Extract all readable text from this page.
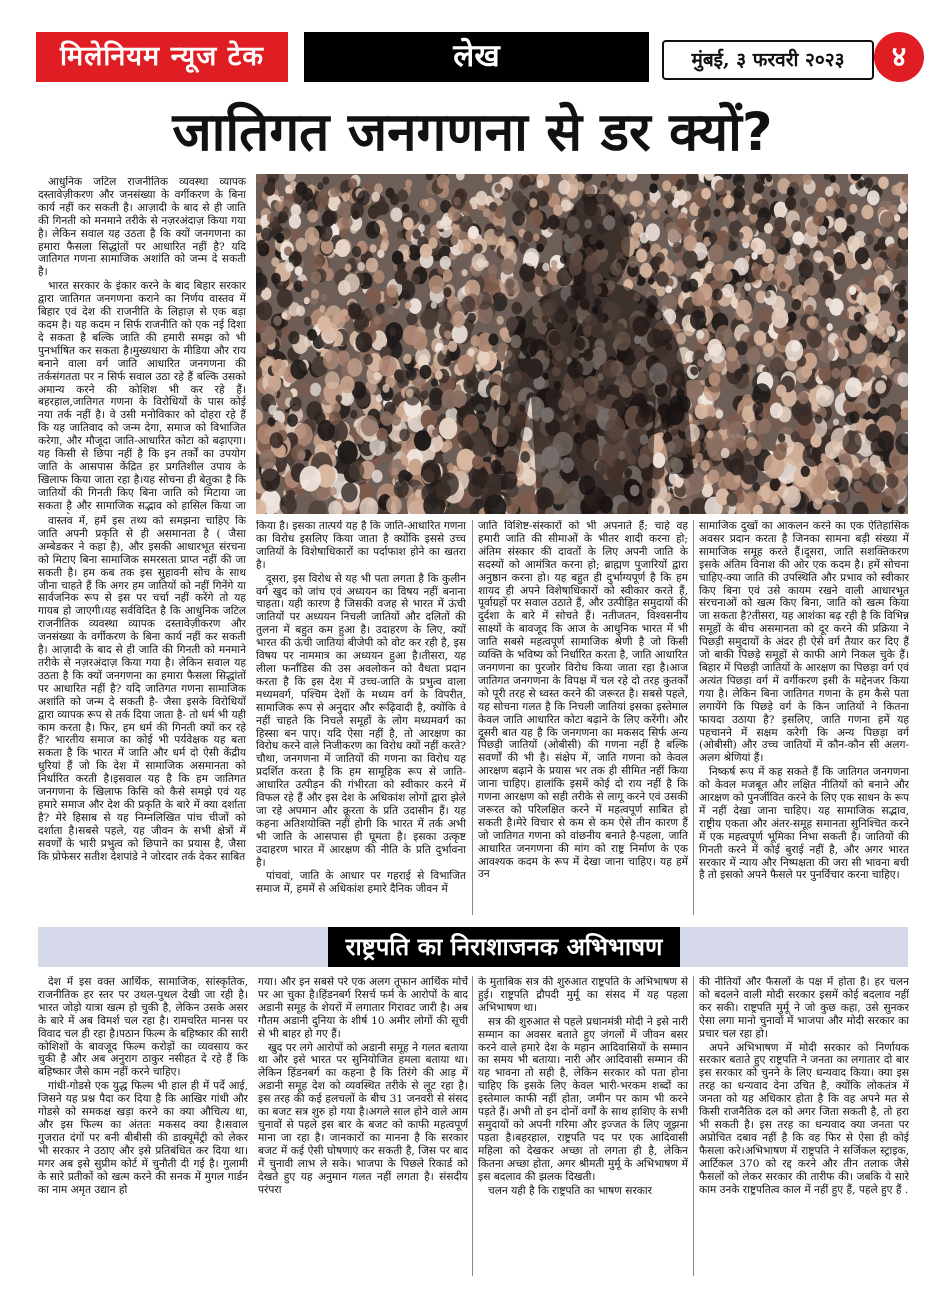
मिलेनियम न्यूज टेक	लेख	मुंबई, ३ फरवरी २०२३	४
जातिगत जनगणना से डर क्यों?

आधुनिक जटिल राजनीतिक व्यवस्था व्यापक दस्तावेज़ीकरण और जनसंख्या के वर्गीकरण के बिना कार्य नहीं कर सकती है। आज़ादी के बाद से ही जाति की गिनती को मनमाने तरीके से नज़रअंदाज़ किया गया है। लेकिन सवाल यह उठता है कि क्यों जनगणना का हमारा फैसला सिद्धांतों पर आधारित नहीं है? यदि जातिगत गणना सामाजिक अशांति को जन्म दे सकती है।

भारत सरकार के इंकार करने के बाद बिहार सरकार द्वारा जातिगत जनगणना कराने का निर्णय वास्तव में बिहार एवं देश की राजनीति के लिहाज़ से एक बड़ा कदम है। यह कदम न सिर्फ राजनीति को एक नई दिशा दे सकता है बल्कि जाति की हमारी समझ को भी पुनर्भाषित कर सकता है।मुख्यधारा के मीडिया और राय बनाने वाला वर्ग जाति आधारित जनगणना की तर्कसंगतता पर न सिर्फ सवाल उठा रहे हैं बल्कि उसको अमान्य करने की कोशिश भी कर रहे हैं। बहरहाल,जातिगत गणना के विरोधियों के पास कोई नया तर्क नहीं है। वे उसी मनोविकार को दोहरा रहे हैं कि यह जातिवाद को जन्म देगा, समाज को विभाजित करेगा, और मौजूदा जाति-आधारित कोटा को बढ़ाएगा। यह किसी से छिपा नहीं है कि इन तर्कों का उपयोग जाति के आसपास केंद्रित हर प्रगतिशील उपाय के खिलाफ किया जाता रहा है।यह सोचना ही बेतुका है कि जातियों की गिनती किए बिना जाति को मिटाया जा सकता है और सामाजिक सद्भाव को हासिल किया जा

वास्तव में, हमें इस तथ्य को समझना चाहिए कि जाति अपनी प्रकृति से ही असमानता है ( जैसा अम्बेडकर ने कहा है), और इसकी आधारभूत संरचना को मिटाए बिना सामाजिक समरसता प्राप्त नहीं की जा सकती है। हम कब तक इस सुहावनी सोच के साथ जीना चाहते हैं कि अगर हम जातियों को नहीं गिनेंगे या सार्वजनिक रूप से इस पर चर्चा नहीं करेंगे तो यह गायब हो जाएगी।यह सर्वविदित है कि आधुनिक जटिल राजनीतिक व्यवस्था व्यापक दस्तावेज़ीकरण और जनसंख्या के वर्गीकरण के बिना कार्य नहीं कर सकती है। आज़ादी के बाद से ही जाति की गिनती को मनमाने तरीके से नज़रअंदाज़ किया गया है। लेकिन सवाल यह उठता है कि क्यों जनगणना का हमारा फैसला सिद्धांतों पर आधारित नहीं है? यदि जातिगत गणना सामाजिक अशांति को जन्म दे सकती है- जैसा इसके विरोधियों द्वारा व्यापक रूप से तर्क दिया जाता है- तो धर्म भी यही काम करता है। फिर, हम धर्म की गिनती क्यों कर रहे हैं? भारतीय समाज का कोई भी पर्यवेक्षक यह बता सकता है कि भारत में जाति और धर्म दो ऐसी केंद्रीय धुरियां हैं जो कि देश में सामाजिक असमानता को निर्धारित करती है।इसवाल यह है कि हम जातिगत जनगणना के खिलाफ किसि को कैसे समझे एवं यह हमारे समाज और देश की प्रकृति के बारे में क्या दर्शाता है? मेरे हिसाब से यह निम्नलिखित पांच चीजों को दर्शाता है।सबसे पहले, यह जीवन के सभी क्षेत्रों में सवर्णों के भारी प्रभुत्व को छिपाने का प्रयास है, जैसा कि प्रोफेसर सतीश देशपांडे ने जोरदार तर्क देकर साबित

किया है। इसका तात्पर्य यह है कि जाति-आधारित गणना का विरोध इसलिए किया जाता है क्योंकि इससे उच्च जातियों के विशेषाधिकारों का पर्दाफाश होने का खतरा है।

दूसरा, इस विरोध से यह भी पता लगता है कि कुलीन वर्ग खुद को जांच एवं अध्ययन का विषय नहीं बनाना चाहता। यही कारण है जिसकी वजह से भारत में ऊंची जातियों पर अध्ययन निचली जातियों और दलितों की तुलना में बहुत कम हुआ है। उदाहरण के लिए, क्यों भारत की ऊंची जातियां बीजेपी को वोट कर रही है, इस विषय पर नाममात्र का अध्ययन हुआ है।तीसरा, यह लीला फर्नांडिस की उस अवलोकन को वैधता प्रदान करता है कि इस देश में उच्च-जाति के प्रभुत्व वाला मध्यमवर्ग, पश्चिम देशों के मध्यम वर्ग के विपरीत, सामाजिक रूप से अनुदार और रूढ़िवादी है, क्योंकि वे नहीं चाहते कि निचले समूहों के लोग मध्यमवर्ग का हिस्सा बन पाए। यदि ऐसा नहीं है, तो आरक्षण का विरोध करने वाले निजीकरण का विरोध क्यों नहीं करते?चौथा, जनगणना में जातियों की गणना का विरोध यह प्रदर्शित करता है कि हम सामूहिक रूप से जाति-आधारित उत्पीड़न की गंभीरता को स्वीकार करने में विफल रहे हैं और इस देश के अधिकांश लोगों द्वारा झेले जा रहे अपमान और क्रूरता के प्रति उदासीन हैं। यह कहना अतिशयोक्ति नहीं होगी कि भारत में तर्क अभी भी जाति के आसपास ही घूमता है। इसका उत्कृष्ट उदाहरण भारत में आरक्षण की नीति के प्रति दुर्भावना है।

पांचवां, जाति के आधार पर गहराई से विभाजित समाज में, हममें से अधिकांश हमारे दैनिक जीवन में

जाति विशिष्ट-संस्कारों को भी अपनाते हैं; चाहे वह हमारी जाति की सीमाओं के भीतर शादी करना हो; अंतिम संस्कार की दावतों के लिए अपनी जाति के सदस्यों को आमंत्रित करना हो; ब्राह्मण पुजारियों द्वारा अनुष्ठान करना हो। यह बहुत ही दुर्भाग्यपूर्ण है कि हम शायद ही अपने विशेषाधिकारों को स्वीकार करते हैं, पूर्वाग्रहों पर सवाल उठाते हैं, और उत्पीड़ित समुदायों की दुर्दशा के बारे में सोचते हैं। नतीजतन, विश्वसनीय साक्ष्यों के बावजूद कि आज के आधुनिक भारत में भी जाति सबसे महत्वपूर्ण सामाजिक श्रेणी है जो किसी व्यक्ति के भविष्य को निर्धारित करता है, जाति आधारित जनगणना का पुरजोर विरोध किया जाता रहा है।आज जातिगत जनगणना के विपक्ष में चल रहे दो तरह कुतर्कों को पूरी तरह से ध्वस्त करने की जरूरत है। सबसे पहले, यह सोचना गलत है कि निचली जातियां इसका इस्तेमाल केवल जाति आधारित कोटा बढ़ाने के लिए करेंगी। और दूसरी बात यह है कि जनगणना का मकसद सिर्फ अन्य पिछड़ी जातियों (ओबीसी) की गणना नहीं है बल्कि सवर्णों की भी है। संक्षेप में, जाति गणना को केवल आरक्षण बढ़ाने के प्रयास भर तक ही सीमित नहीं किया जाना चाहिए। हालांकि इसमें कोई दो राय नहीं है कि गणना आरक्षण को सही तरीके से लागू करने एवं उसकी जरूरत को परिलक्षित करने में महत्वपूर्ण साबित हो सकती है।मेरे विचार से कम से कम ऐसे तीन कारण हैं जो जातिगत गणना को वांछनीय बनाते है-पहला, जाति आधारित जनगणना की मांग को राष्ट्र निर्माण के एक आवश्यक कदम के रूप में देखा जाना चाहिए। यह हमें उन

सामाजिक दुखों का आकलन करने का एक ऐतिहासिक अवसर प्रदान करता है जिनका सामना बड़ी संख्या में सामाजिक समूह करते हैं।दूसरा, जाति सशक्तिकरण इसके अंतिम विनाश की ओर एक कदम है। हमें सोचना चाहिए-क्या जाति की उपस्थिति और प्रभाव को स्वीकार किए बिना एवं उसे कायम रखने वाली आधारभूत संरचनाओं को खत्म किए बिना, जाति को खत्म किया जा सकता है?तीसरा, यह आशंका बढ़ रही है कि विभिन्न समूहों के बीच असमानता को दूर करने की प्रक्रिया ने पिछड़ी समुदायों के अंदर ही ऐसे वर्ग तैयार कर दिए हैं जो बाकी पिछड़े समूहों से काफी आगे निकल चुके हैं। बिहार में पिछड़ी जातियों के आरक्षण का पिछड़ा वर्ग एवं अत्यंत पिछड़ा वर्ग में वर्गीकरण इसी के मद्देनजर किया गया है। लेकिन बिना जातिगत गणना के हम कैसे पता लगायेंगे कि पिछड़े वर्ग के किन जातियों ने कितना फायदा उठाया है? इसलिए, जाति गणना हमें यह पहचानने में सक्षम करेगी कि अन्य पिछड़ा वर्ग (ओबीसी) और उच्च जातियों में कौन-कौन सी अलग-अलग श्रेणियां हैं।

निष्कर्ष रूप में कह सकते हैं कि जातिगत जनगणना को केवल मजबूत और लक्षित नीतियों को बनाने और आरक्षण को पुनर्जीवित करने के लिए एक साधन के रूप में नहीं देखा जाना चाहिए। यह सामाजिक सद्भाव, राष्ट्रीय एकता और अंतर-समूह समानता सुनिश्चित करने में एक महत्वपूर्ण भूमिका निभा सकती है। जातियों की गिनती करने में कोई बुराई नहीं है, और अगर भारत सरकार में न्याय और निष्पक्षता की जरा सी भावना बची है तो इसको अपने फैसले पर पुनर्विचार करना चाहिए।

राष्ट्रपति का निराशाजनक अभिभाषण

देश में इस वक्त आर्थिक, सामाजिक, सांस्कृतिक, राजनीतिक हर स्तर पर उथल-पुथल देखी जा रही है। भारत जोड़ो यात्रा खत्म हो चुकी है, लेकिन उसके असर के बारे में अब विमर्श चल रहा है। रामचरित मानस पर विवाद चल ही रहा है।पठान फिल्म के बहिष्कार की सारी कोशिशों के बावजूद फिल्म करोड़ों का व्यवसाय कर चुकी है और अब अनुराग ठाकुर नसीहत दे रहे हैं कि बहिष्कार जैसे काम नहीं करने चाहिए।

गांधी-गोडसे एक युद्ध फिल्म भी हाल ही में पर्दे आई, जिसने यह प्रश्न पैदा कर दिया है कि आखिर गांधी और गोडसे को समकक्ष खड़ा करने का क्या औचित्य था, और इस फिल्म का अंततः मकसद क्या है।सवाल गुजरात दंगों पर बनी बीबीसी की डाक्यूमेंट्री को लेकर भी सरकार ने उठाए और इसे प्रतिबंधित कर दिया था। मगर अब इसे सुप्रीम कोर्ट में चुनौती दी गई है। गुलामी के सारे प्रतीकों को खत्म करने की सनक में मुगल गार्डन का नाम अमृत उद्यान हो

गया। और इन सबसे परे एक अलग तूफान आर्थिक मोर्चे पर आ चुका है।हिंडनबर्ग रिसर्च फर्म के आरोपों के बाद अडानी समूह के शेयरों में लगातार गिरावट जारी है। अब गौतम अडानी दुनिया के शीर्ष 10 अमीर लोगों की सूची से भी बाहर हो गए हैं।

खुद पर लगे आरोपों को अडानी समूह ने गलत बताया था और इसे भारत पर सुनियोजित हमला बताया था।लेकिन हिंडनबर्ग का कहना है कि तिरंगे की आड़ में अडानी समूह देश को व्यवस्थित तरीके से लूट रहा है। इस तरह की कई हलचलों के बीच 31 जनवरी से संसद का बजट सत्र शुरु हो गया है।अगले साल होने वाले आम चुनावों से पहले इस बार के बजट को काफी महत्वपूर्ण माना जा रहा है। जानकारों का मानना है कि सरकार बजट में कई ऐसी घोषणाएं कर सकती है, जिस पर बाद में चुनावी लाभ ले सके। भाजपा के पिछले रिकार्ड को देखते हुए यह अनुमान गलत नहीं लगता है। संसदीय परंपरा

के मुताबिक सत्र की शुरुआत राष्ट्रपति के अभिभाषण से हुई। राष्ट्रपति द्रौपदी मुर्मू का संसद में यह पहला अभिभाषण था।

सत्र की शुरुआत से पहले प्रधानमंत्री मोदी ने इसे नारी सम्मान का अवसर बताते हुए जंगलों में जीवन बसर करने वाले हमारे देश के महान आदिवासियों के सम्मान का समय भी बताया। नारी और आदिवासी सम्मान की यह भावना तो सही है, लेकिन सरकार को पता होना चाहिए कि इसके लिए केवल भारी-भरकम शब्दों का इस्तेमाल काफी नहीं होता, जमीन पर काम भी करने पड़ते हैं। अभी तो इन दोनों वर्गों के साथ हाशिए के सभी समुदायों को अपनी गरिमा और इज्जत के लिए जूझना पड़ता है।बहरहाल, राष्ट्रपति पद पर एक आदिवासी महिला को देखकर अच्छा तो लगता ही है, लेकिन कितना अच्छा होता, अगर श्रीमती मुर्मू के अभिभाषण में इस बदलाव की झलक दिखती।

चलन यही है कि राष्ट्रपति का भाषण सरकार

की नीतियों और फैसलों के पक्ष में होता है। हर चलन को बदलने वाली मोदी सरकार इसमें कोई बदलाव नहीं कर सकी। राष्ट्रपति मुर्मू ने जो कुछ कहा, उसे सुनकर ऐसा लगा मानो चुनावों में भाजपा और मोदी सरकार का प्रचार चल रहा हो।

अपने अभिभाषण में मोदी सरकार को निर्णायक सरकार बताते हुए राष्ट्रपति ने जनता का लगातार दो बार इस सरकार को चुनने के लिए धन्यवाद किया। क्या इस तरह का धन्यवाद देना उचित है, क्योंकि लोकतंत्र में जनता को यह अधिकार होता है कि वह अपने मत से किसी राजनैतिक दल को अगर जिता सकती है, तो हरा भी सकती है। इस तरह का धन्यवाद क्या जनता पर अप्रोचित दबाव नहीं है कि वह फिर से ऐसा ही कोई फैसला करे।अभिभाषण में राष्ट्रपति ने सर्जिकल स्ट्राइक, आर्टिकल 370 को रद्द करने और तीन तलाक जैसे फैसलों को लेकर सरकार की तारीफ की। जबकि ये सारे काम उनके राष्ट्रपतित्व काल में नहीं हुए हैं, पहले हुए हैं .
